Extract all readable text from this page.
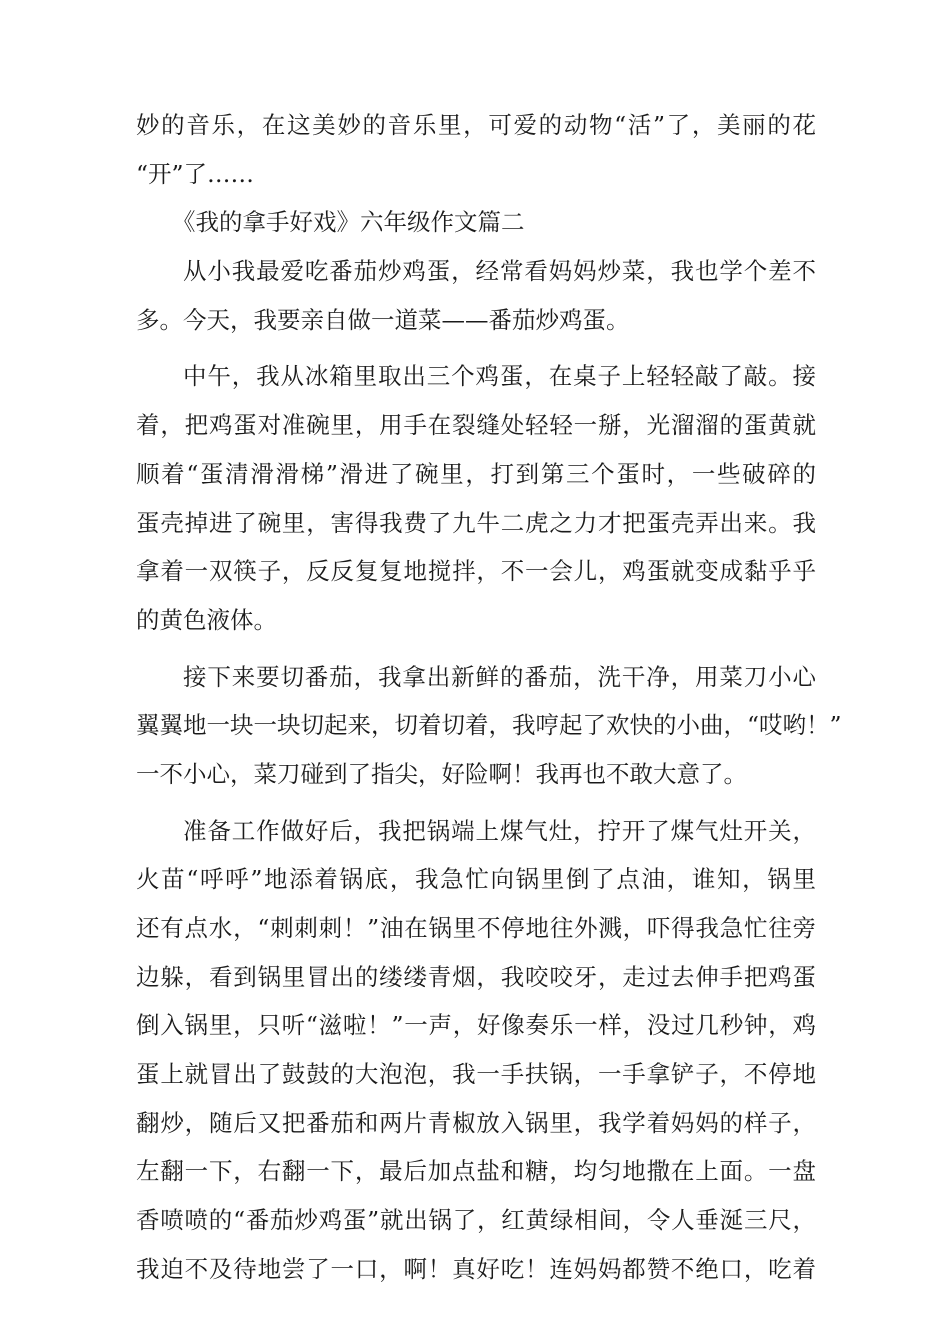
妙的音乐，在这美妙的音乐里，可爱的动物“活”了，美丽的花
“开”了……
《我的拿手好戏》六年级作文篇二
从小我最爱吃番茄炒鸡蛋，经常看妈妈炒菜，我也学个差不
多。今天，我要亲自做一道菜——番茄炒鸡蛋。
中午，我从冰箱里取出三个鸡蛋，在桌子上轻轻敲了敲。接
着，把鸡蛋对准碗里，用手在裂缝处轻轻一掰，光溜溜的蛋黄就
顺着“蛋清滑滑梯”滑进了碗里，打到第三个蛋时，一些破碎的
蛋壳掉进了碗里，害得我费了九牛二虎之力才把蛋壳弄出来。我
拿着一双筷子，反反复复地搅拌，不一会儿，鸡蛋就变成黏乎乎
的黄色液体。
接下来要切番茄，我拿出新鲜的番茄，洗干净，用菜刀小心
翼翼地一块一块切起来，切着切着，我哼起了欢快的小曲，“哎哟！”
一不小心，菜刀碰到了指尖，好险啊！我再也不敢大意了。
准备工作做好后，我把锅端上煤气灶，拧开了煤气灶开关，
火苗“呼呼”地添着锅底，我急忙向锅里倒了点油，谁知，锅里
还有点水，“刺刺刺！”油在锅里不停地往外溅，吓得我急忙往旁
边躲，看到锅里冒出的缕缕青烟，我咬咬牙，走过去伸手把鸡蛋
倒入锅里，只听“滋啦！”一声，好像奏乐一样，没过几秒钟，鸡
蛋上就冒出了鼓鼓的大泡泡，我一手扶锅，一手拿铲子，不停地
翻炒，随后又把番茄和两片青椒放入锅里，我学着妈妈的样子，
左翻一下，右翻一下，最后加点盐和糖，均匀地撒在上面。一盘
香喷喷的“番茄炒鸡蛋”就出锅了，红黄绿相间，令人垂涎三尺，
我迫不及待地尝了一口，啊！真好吃！连妈妈都赞不绝口，吃着
